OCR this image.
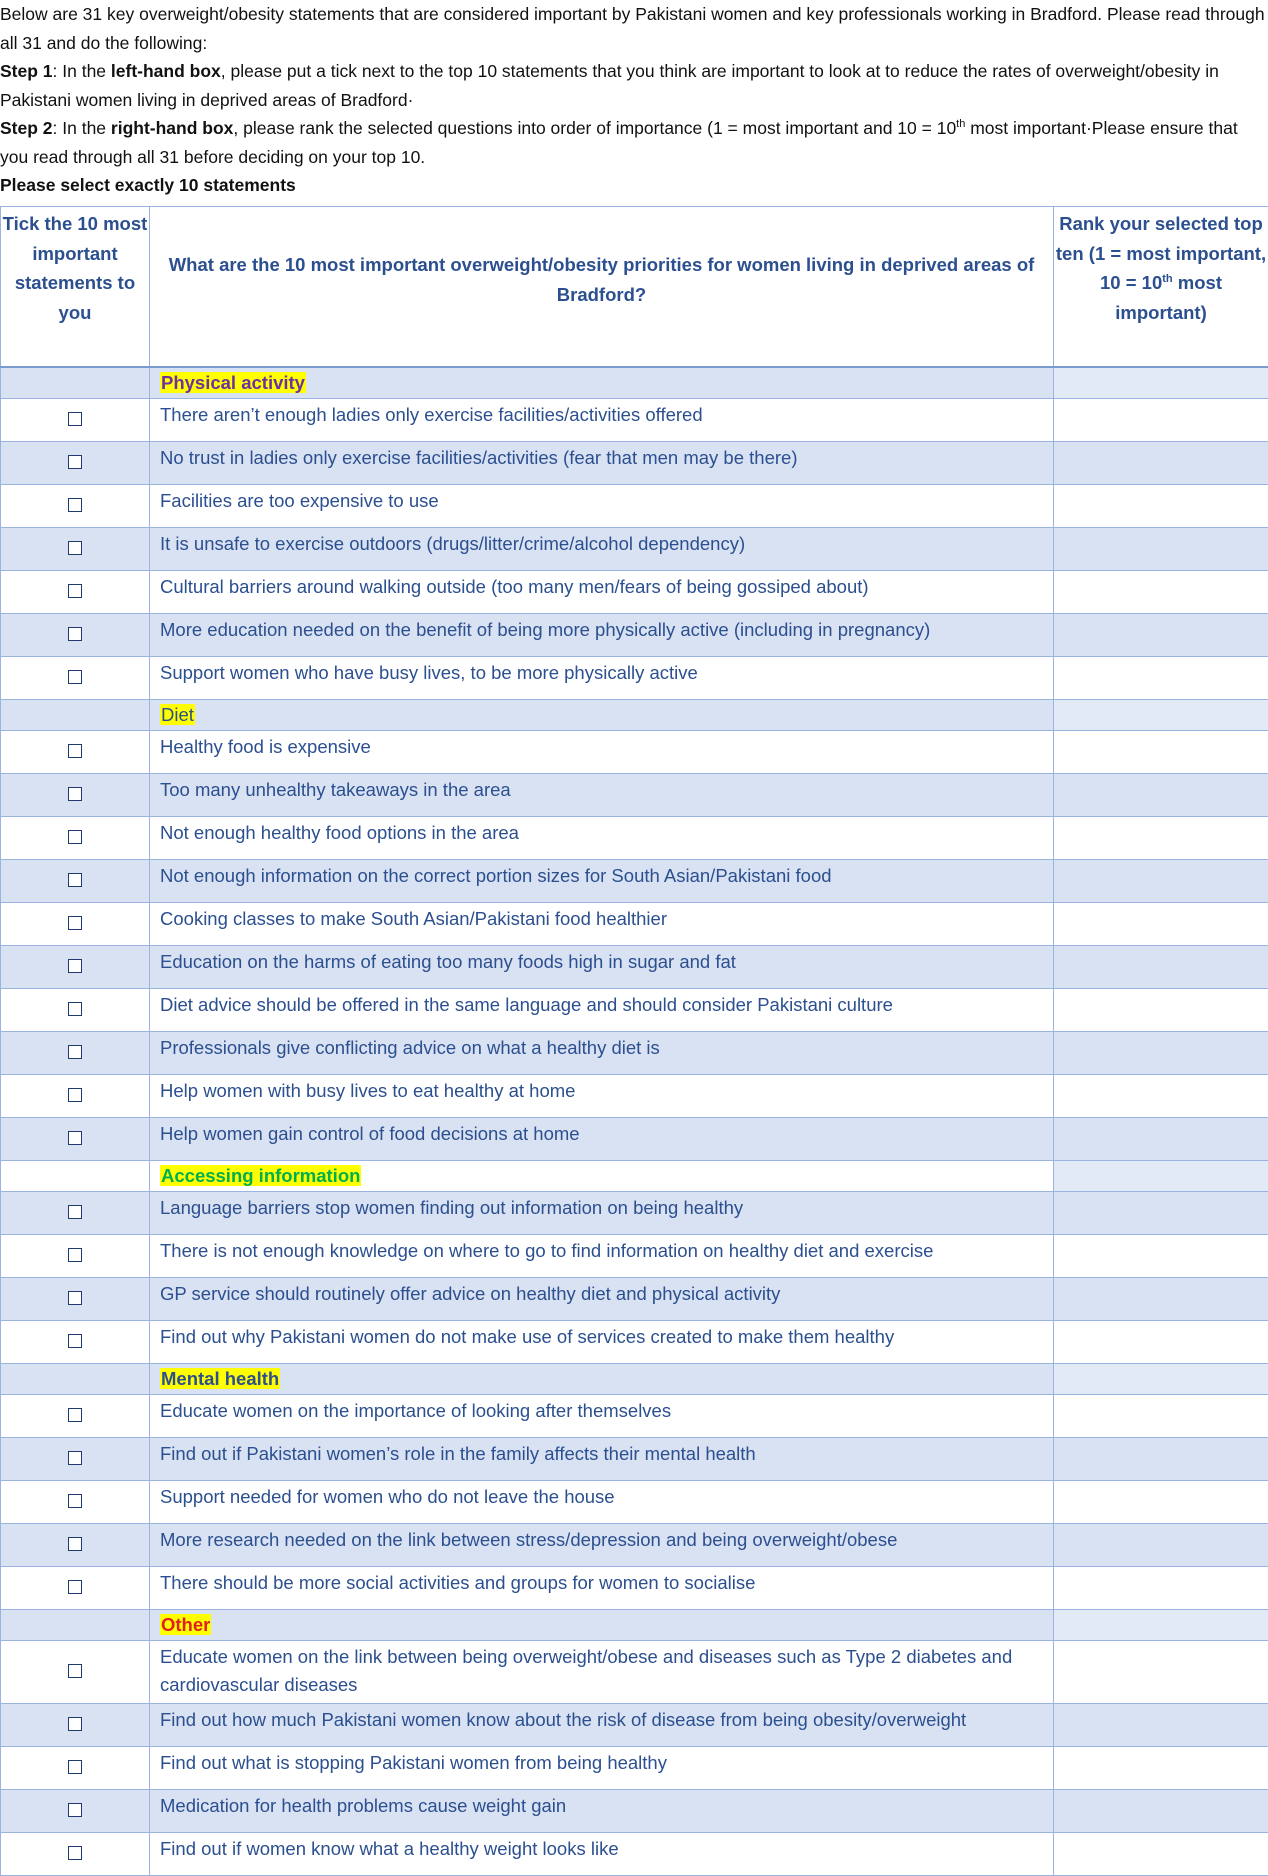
Below are 31 key overweight/obesity statements that are considered important by Pakistani women and key professionals working in Bradford. Please read through all 31 and do the following:

Step 1: In the left-hand box, please put a tick next to the top 10 statements that you think are important to look at to reduce the rates of overweight/obesity in Pakistani women living in deprived areas of Bradford·

Step 2: In the right-hand box, please rank the selected questions into order of importance (1 = most important and 10 = 10th most important·Please ensure that you read through all 31 before deciding on your top 10.

Please select exactly 10 statements

Tick the 10 most important statements to you	What are the 10 most important overweight/obesity priorities for women living in deprived areas of Bradford?	Rank your selected top ten (1 = most important, 10 = 10th most important)
	Physical activity	
	There aren’t enough ladies only exercise facilities/activities offered	
	No trust in ladies only exercise facilities/activities (fear that men may be there)	
	Facilities are too expensive to use	
	It is unsafe to exercise outdoors (drugs/litter/crime/alcohol dependency)	
	Cultural barriers around walking outside (too many men/fears of being gossiped about)	
	More education needed on the benefit of being more physically active (including in pregnancy)	
	Support women who have busy lives, to be more physically active	
	Diet	
	Healthy food is expensive	
	Too many unhealthy takeaways in the area	
	Not enough healthy food options in the area	
	Not enough information on the correct portion sizes for South Asian/Pakistani food	
	Cooking classes to make South Asian/Pakistani food healthier	
	Education on the harms of eating too many foods high in sugar and fat	
	Diet advice should be offered in the same language and should consider Pakistani culture	
	Professionals give conflicting advice on what a healthy diet is	
	Help women with busy lives to eat healthy at home	
	Help women gain control of food decisions at home	
	Accessing information	
	Language barriers stop women finding out information on being healthy	
	There is not enough knowledge on where to go to find information on healthy diet and exercise	
	GP service should routinely offer advice on healthy diet and physical activity	
	Find out why Pakistani women do not make use of services created to make them healthy	
	Mental health	
	Educate women on the importance of looking after themselves	
	Find out if Pakistani women’s role in the family affects their mental health	
	Support needed for women who do not leave the house	
	More research needed on the link between stress/depression and being overweight/obese	
	There should be more social activities and groups for women to socialise	
	Other	
	Educate women on the link between being overweight/obese and diseases such as Type 2 diabetes and cardiovascular diseases	
	Find out how much Pakistani women know about the risk of disease from being obesity/overweight	
	Find out what is stopping Pakistani women from being healthy	
	Medication for health problems cause weight gain	
	Find out if women know what a healthy weight looks like	
